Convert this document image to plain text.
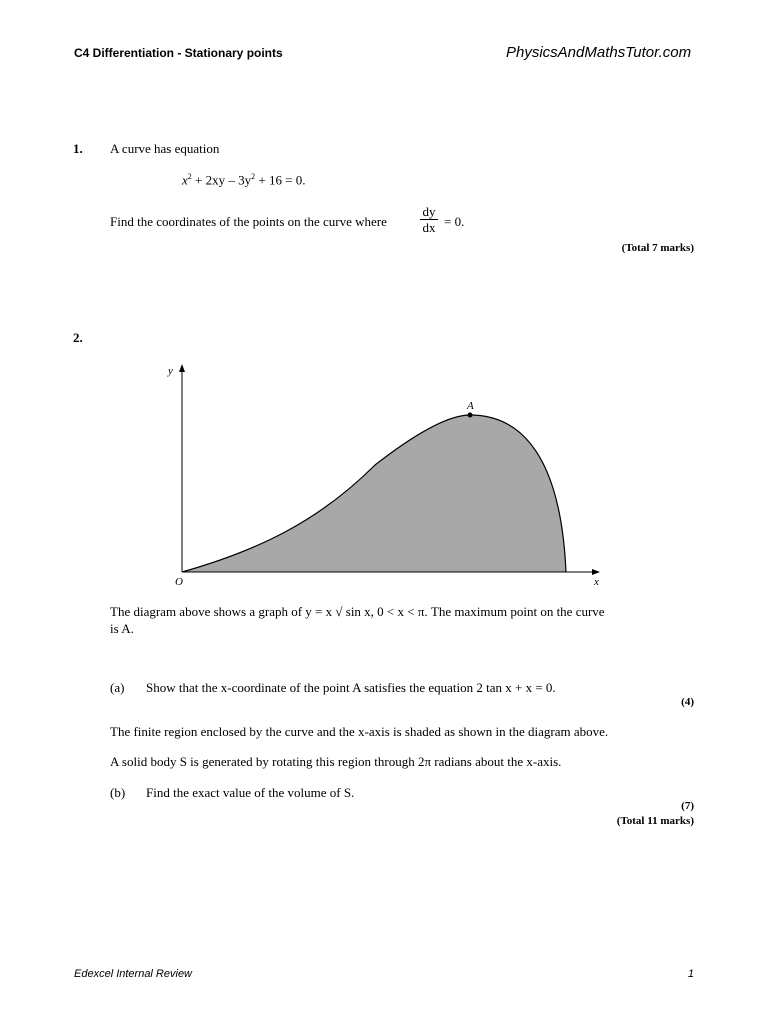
C4 Differentiation - Stationary points	PhysicsAndMathsTutor.com
1. A curve has equation
$x^2 + 2xy - 3y^2 + 16 = 0$.
Find the coordinates of the points on the curve where
dy
dx = 0.
(Total 7 marks)
2.
y
x
O
A
The diagram above shows a graph of y = x √ sin x, 0 < x < π. The maximum point on the curve
is A.
(a) Show that the x-coordinate of the point A satisfies the equation 2 tan x + x = 0.
(4)
The finite region enclosed by the curve and the x-axis is shaded as shown in the diagram above.
A solid body S is generated by rotating this region through 2π radians about the x-axis.
(b) Find the exact value of the volume of S.
(7)
(Total 11 marks)
Edexcel Internal Review	1
